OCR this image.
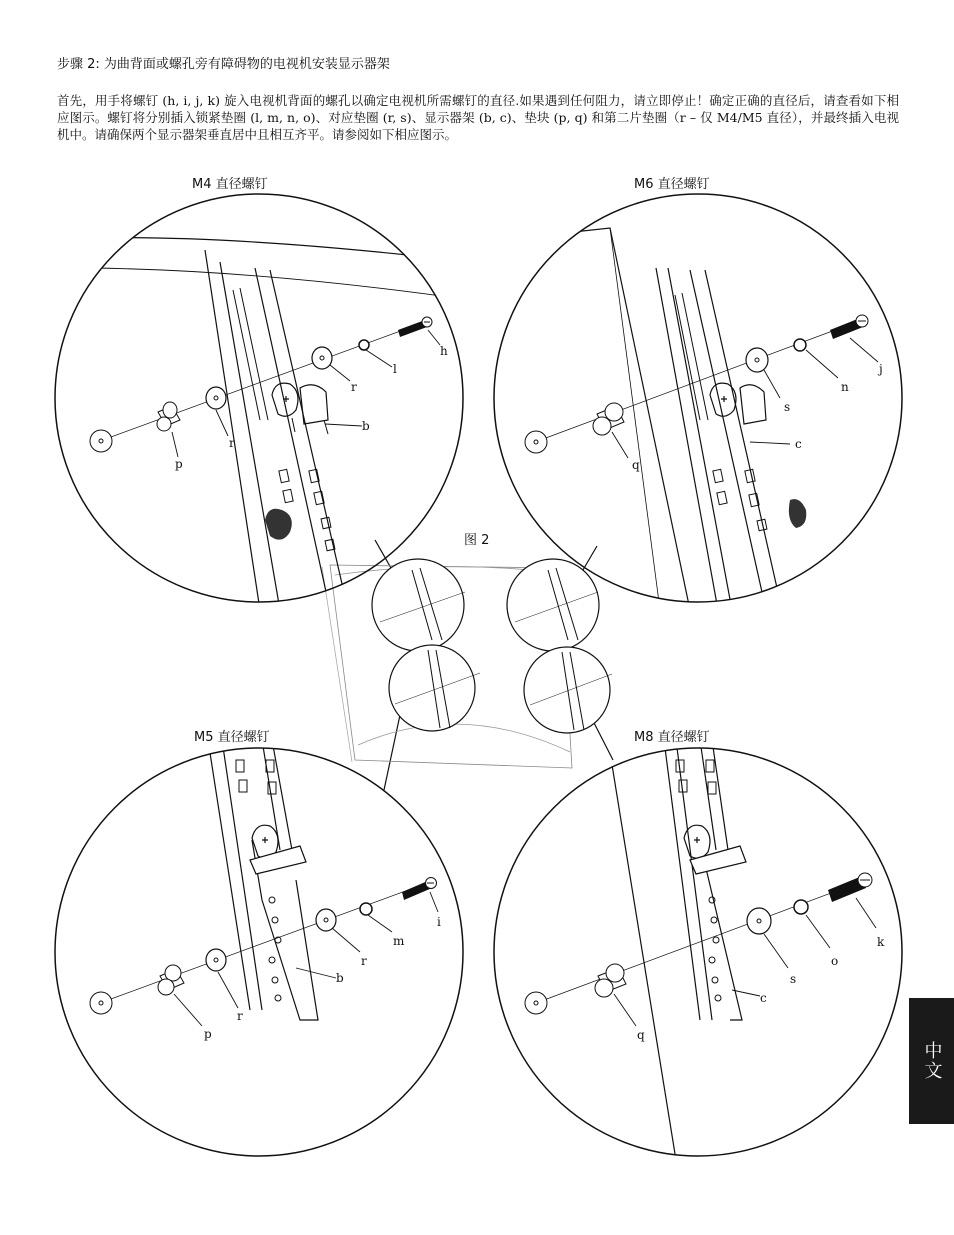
步骤 2: 为曲背面或螺孔旁有障碍物的电视机安装显示器架
首先，用手将螺钉 (h, i, j, k) 旋入电视机背面的螺孔以确定电视机所需螺钉的直径.如果遇到任何阻力，请立即停止！确定正确的直径后，请查看如下相应图示。螺钉将分别插入锁紧垫圈 (l, m, n, o)、对应垫圈 (r, s)、显示器架 (b, c)、垫块 (p, q) 和第二片垫圈（r – 仅 M4/M5 直径），并最终插入电视机中。请确保两个显示器架垂直居中且相互齐平。请参阅如下相应图示。
M4 直径螺钉	M6 直径螺钉
图 2
M5 直径螺钉	M8 直径螺钉
h
l
r
b
r
p
j
n
s
c
q
i
m
r
b
r
p
k
o
s
c
q
中文
